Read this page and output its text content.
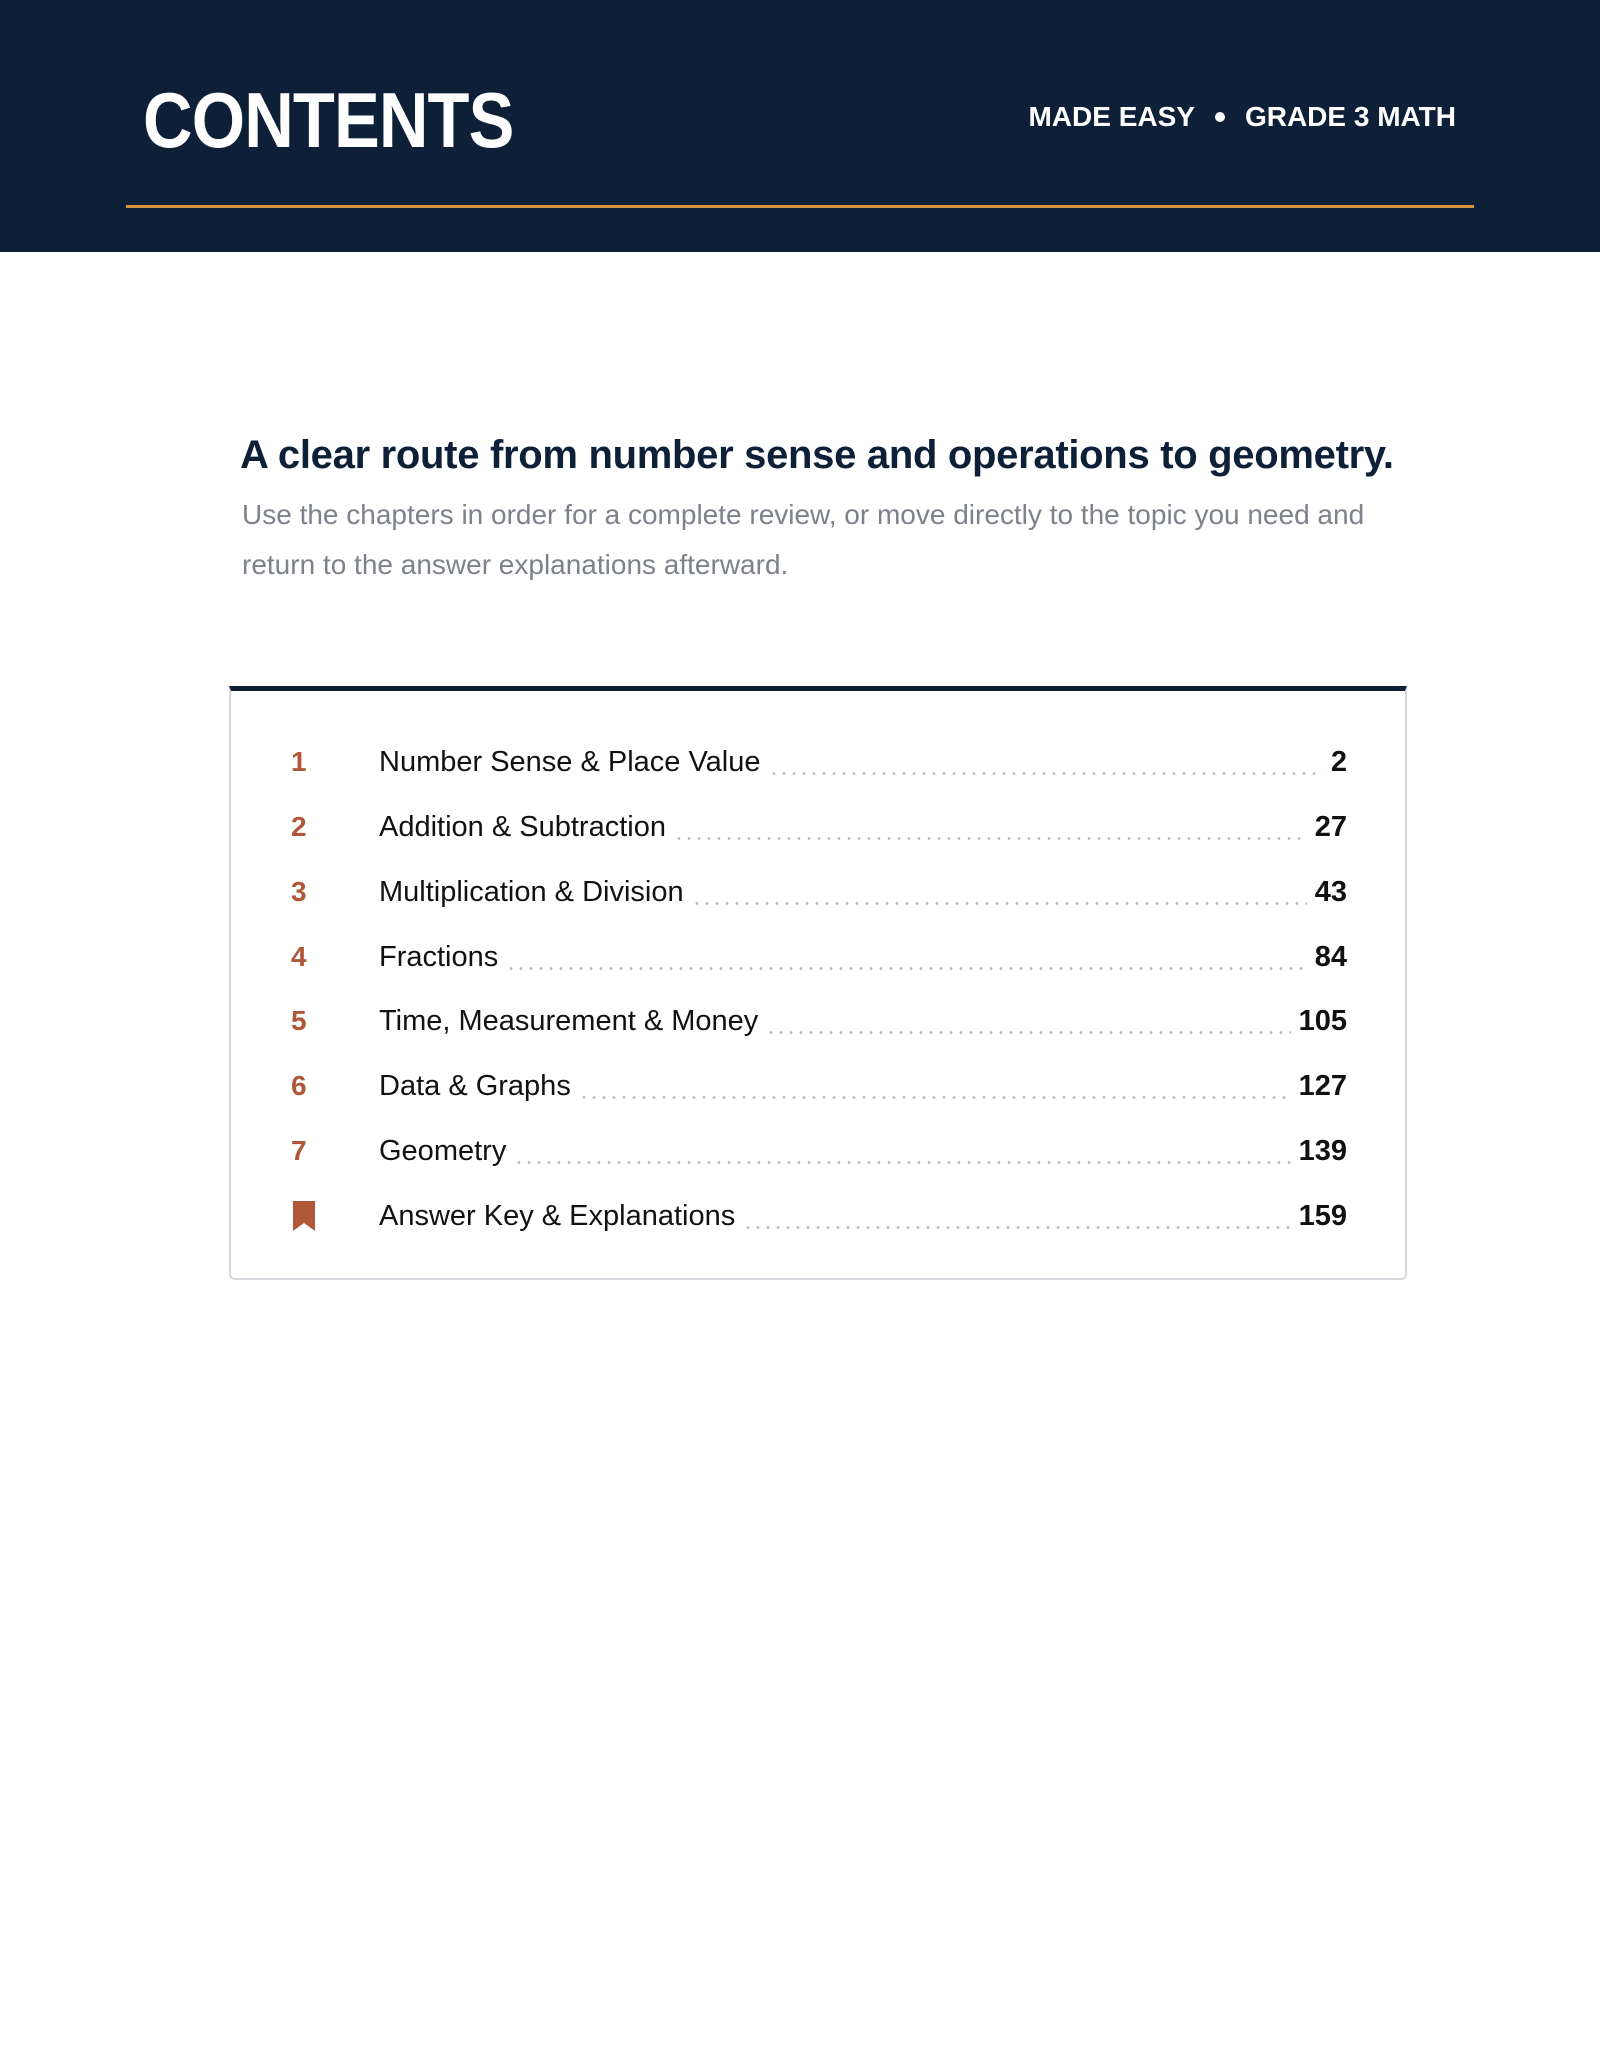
CONTENTS	MADE EASY GRADE 3 MATH
A clear route from number sense and operations to geometry.
Use the chapters in order for a complete review, or move directly to the topic you need and return to the answer explanations afterward.
1	Number Sense & Place Value	2
2	Addition & Subtraction	27
3	Multiplication & Division	43
4	Fractions	84
5	Time, Measurement & Money	105
6	Data & Graphs	127
7	Geometry	139
Answer Key & Explanations	159
